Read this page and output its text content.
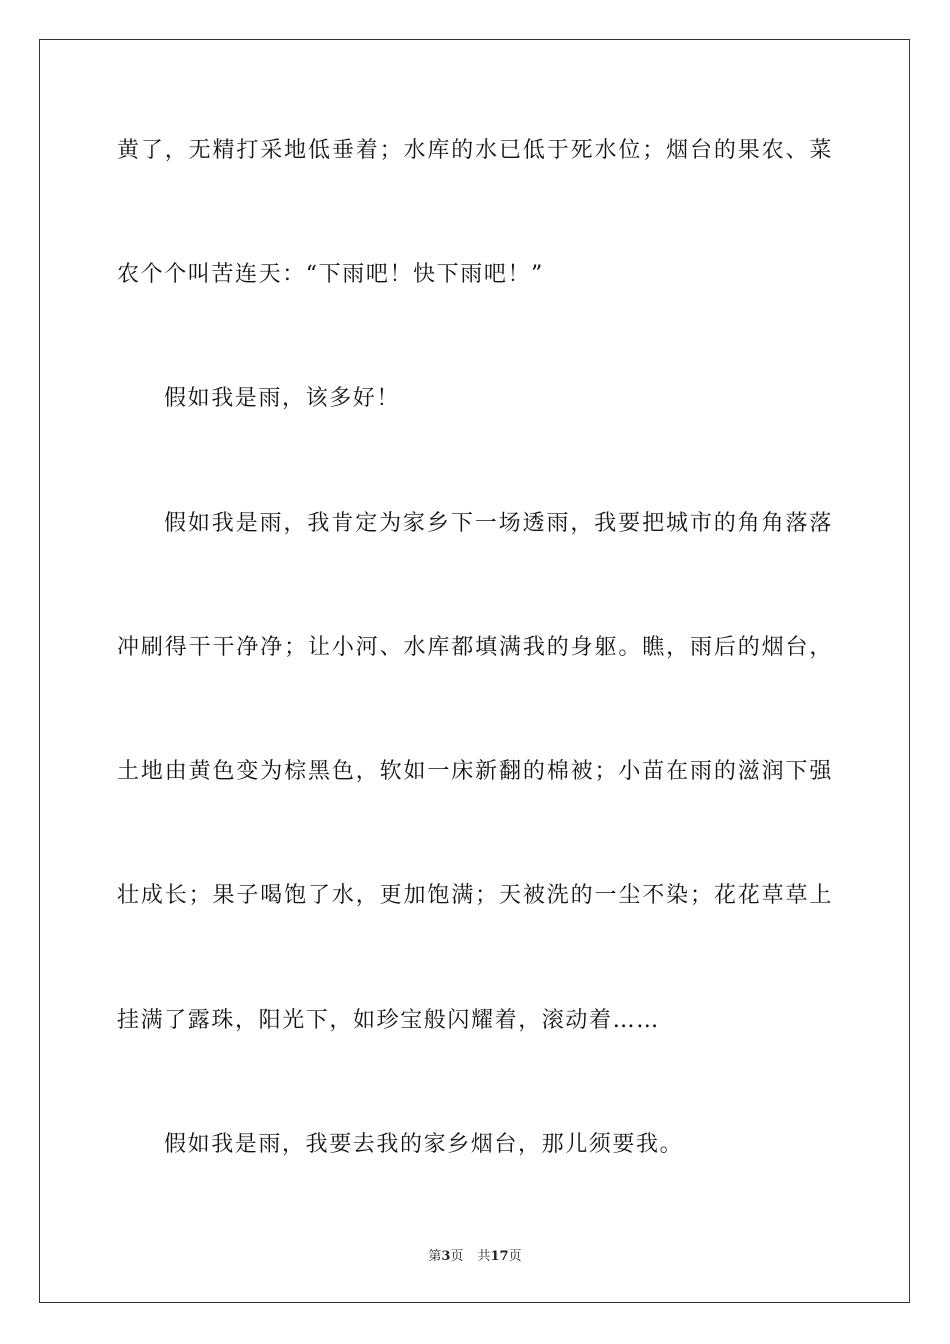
黄了，无精打采地低垂着；水库的水已低于死水位；烟台的果农、菜
农个个叫苦连天：“下雨吧！快下雨吧！”
假如我是雨，该多好！
假如我是雨，我肯定为家乡下一场透雨，我要把城市的角角落落
冲刷得干干净净；让小河、水库都填满我的身躯。瞧，雨后的烟台，
土地由黄色变为棕黑色，软如一床新翻的棉被；小苗在雨的滋润下强
壮成长；果子喝饱了水，更加饱满；天被洗的一尘不染；花花草草上
挂满了露珠，阳光下，如珍宝般闪耀着，滚动着……
假如我是雨，我要去我的家乡烟台，那儿须要我。
第3页 共17页
